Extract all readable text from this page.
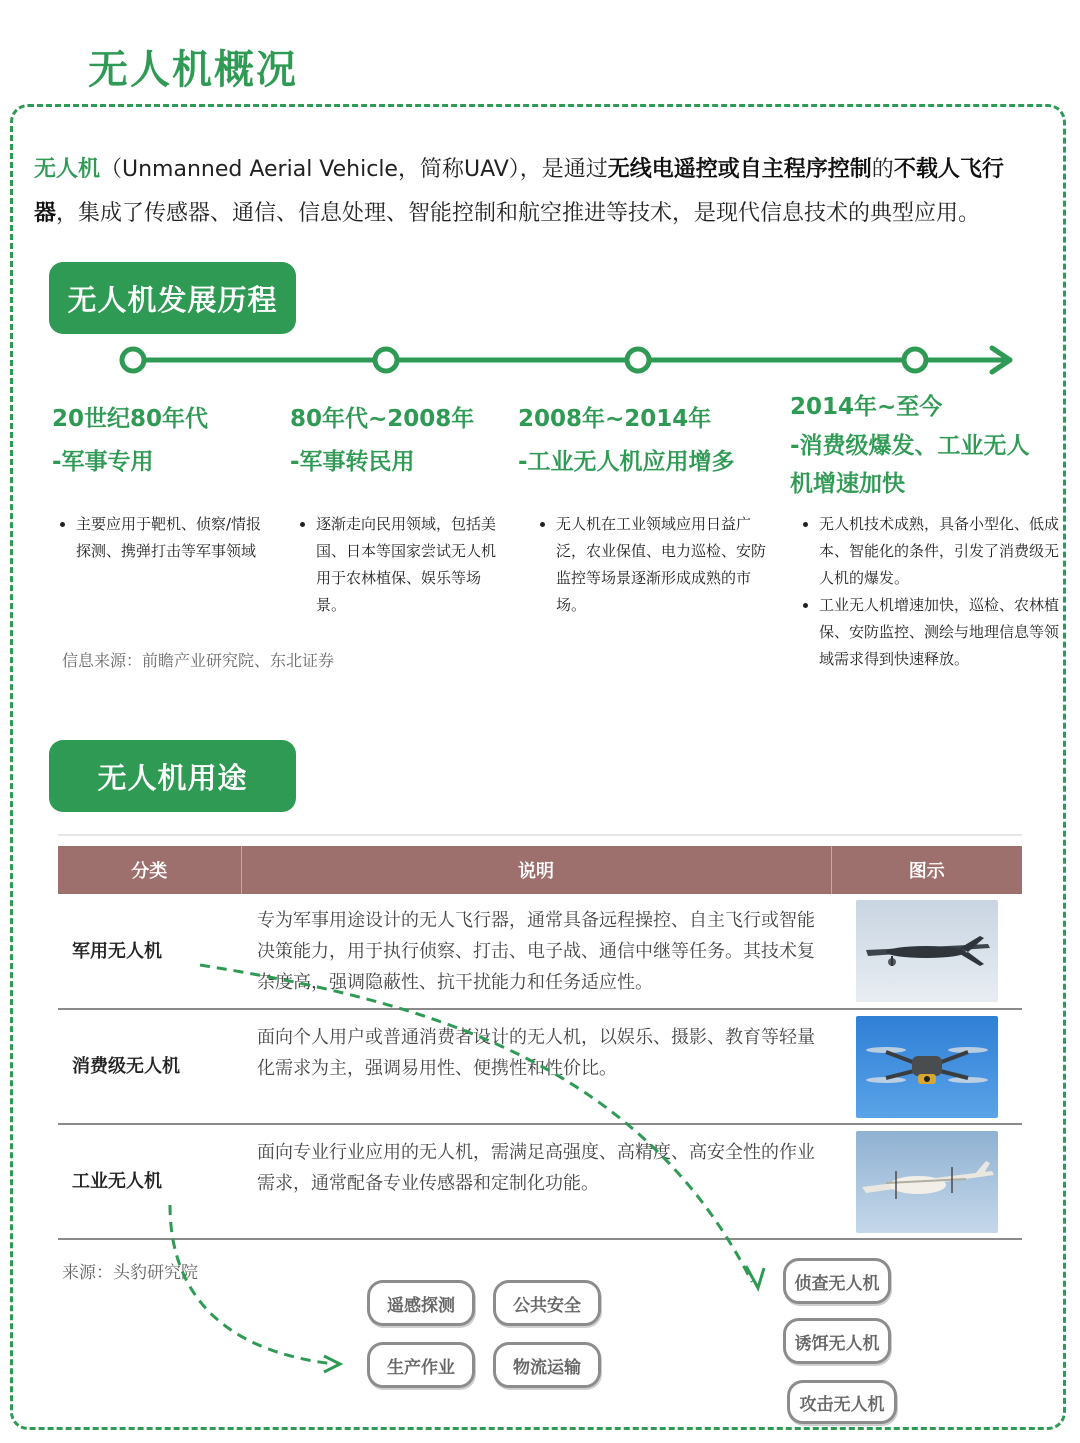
无人机概况
无人机（Unmanned Aerial Vehicle，简称UAV），是通过无线电遥控或自主程序控制的不载人飞行器，集成了传感器、通信、信息处理、智能控制和航空推进等技术，是现代信息技术的典型应用。
无人机发展历程
20世纪80年代
-军事专用
• 主要应用于靶机、侦察/情报探测、携弹打击等军事领域
80年代~2008年
-军事转民用
• 逐渐走向民用领域，包括美国、日本等国家尝试无人机用于农林植保、娱乐等场景。
2008年~2014年
-工业无人机应用增多
• 无人机在工业领域应用日益广泛，农业保值、电力巡检、安防监控等场景逐渐形成成熟的市场。
2014年~至今
-消费级爆发、工业无人机增速加快
• 无人机技术成熟，具备小型化、低成本、智能化的条件，引发了消费级无人机的爆发。
• 工业无人机增速加快，巡检、农林植保、安防监控、测绘与地理信息等领域需求得到快速释放。
信息来源：前瞻产业研究院、东北证券
无人机用途
分类	说明	图示
军用无人机	专为军事用途设计的无人飞行器，通常具备远程操控、自主飞行或智能决策能力，用于执行侦察、打击、电子战、通信中继等任务。其技术复杂度高，强调隐蔽性、抗干扰能力和任务适应性。	

消费级无人机	面向个人用户或普通消费者设计的无人机，以娱乐、摄影、教育等轻量化需求为主，强调易用性、便携性和性价比。	

工业无人机	面向专业行业应用的无人机，需满足高强度、高精度、高安全性的作业需求，通常配备专业传感器和定制化功能。	
来源：头豹研究院
遥感探测	公共安全
生产作业	物流运输
侦查无人机
诱饵无人机
攻击无人机
